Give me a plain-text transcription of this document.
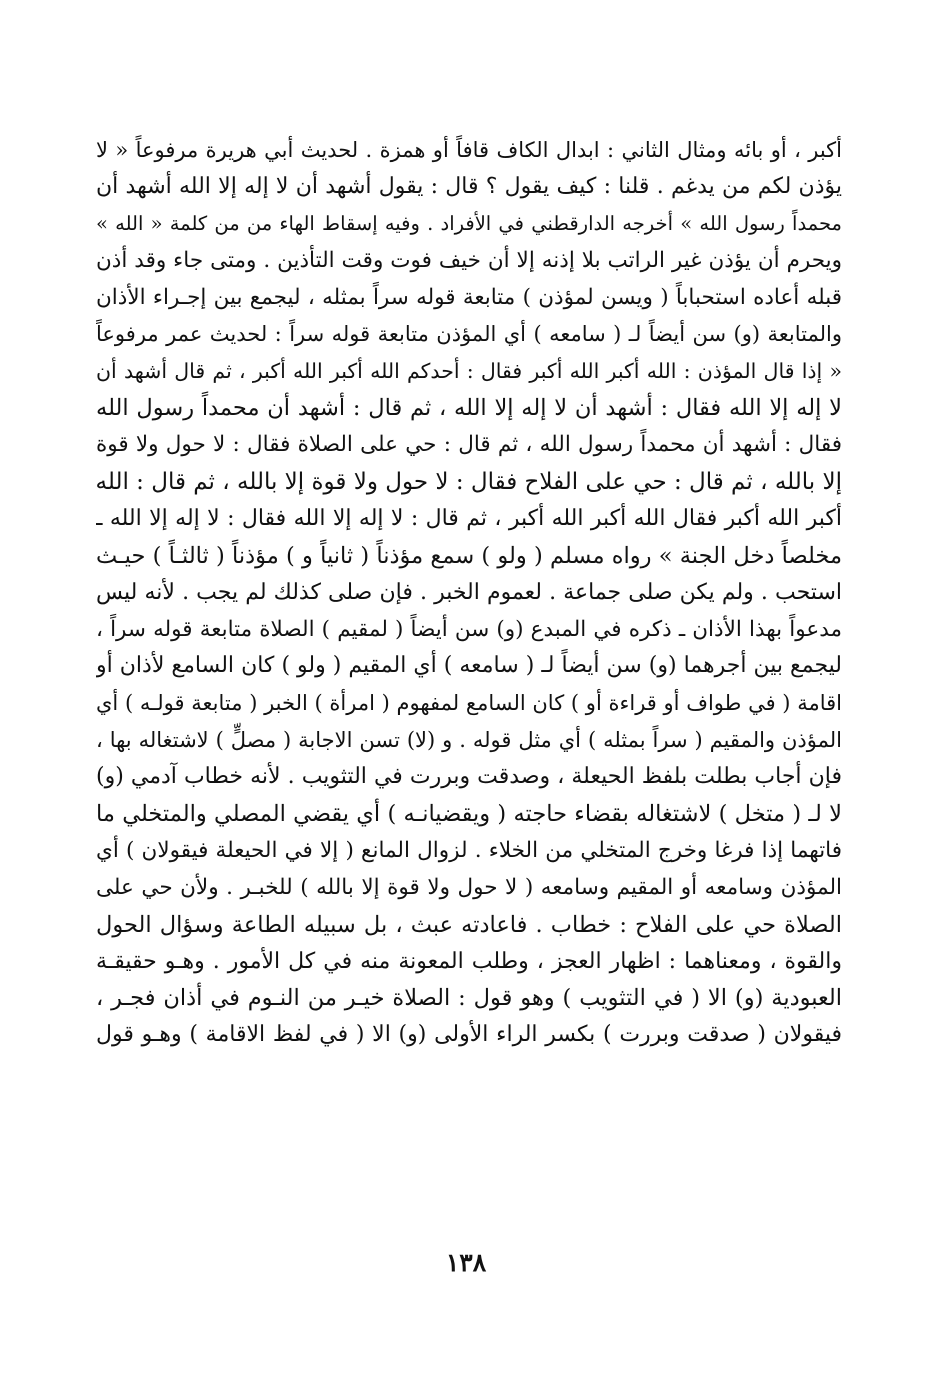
أكبر ، أو بائه ومثال الثاني : ابدال الكاف قافاً أو همزة . لحديث أبي هريرة مرفوعاً « لا
يؤذن لكم من يدغم . قلنا : كيف يقول ؟ قال : يقول أشهد أن لا إله إلا الله أشهد أن
محمداً رسول الله » أخرجه الدارقطني في الأفراد . وفيه إسقاط الهاء من من كلمة « الله »
ويحرم أن يؤذن غير الراتب بلا إذنه إلا أن خيف فوت وقت التأذين . ومتى جاء وقد أذن
قبله أعاده استحباباً ( ويسن لمؤذن ) متابعة قوله سراً بمثله ، ليجمع بين إجـراء الأذان
والمتابعة (و) سن أيضاً لـ ( سامعه ) أي المؤذن متابعة قوله سراً : لحديث عمر مرفوعاً
« إذا قال المؤذن : الله أكبر الله أكبر فقال : أحدكم الله أكبر الله أكبر ، ثم قال أشهد أن
لا إله إلا الله فقال : أشهد أن لا إله إلا الله ، ثم قال : أشهد أن محمداً رسول الله
فقال : أشهد أن محمداً رسول الله ، ثم قال : حي على الصلاة فقال : لا حول ولا قوة
إلا بالله ، ثم قال : حي على الفلاح فقال : لا حول ولا قوة إلا بالله ، ثم قال : الله
أكبر الله أكبر فقال الله أكبر الله أكبر ، ثم قال : لا إله إلا الله فقال : لا إله إلا الله ـ
مخلصاً دخل الجنة » رواه مسلم ( ولو ) سمع مؤذناً ( ثانياً و ) مؤذناً ( ثالثـاً ) حيـث
استحب . ولم يكن صلى جماعة . لعموم الخبر . فإن صلى كذلك لم يجب . لأنه ليس
مدعواً بهذا الأذان ـ ذكره في المبدع (و) سن أيضاً ( لمقيم ) الصلاة متابعة قوله سراً ،
ليجمع بين أجرهما (و) سن أيضاً لـ ( سامعه ) أي المقيم ( ولو ) كان السامع لأذان أو
اقامة ( في طواف أو قراءة أو ) كان السامع لمفهوم ( امرأة ) الخبر ( متابعة قولـه ) أي
المؤذن والمقيم ( سراً بمثله ) أي مثل قوله . و (لا) تسن الاجابة ( مصلٍّ ) لاشتغاله بها ،
فإن أجاب بطلت بلفظ الحيعلة ، وصدقت وبررت في التثويب . لأنه خطاب آدمي (و)
لا لـ ( متخل ) لاشتغاله بقضاء حاجته ( ويقضيانـه ) أي يقضي المصلي والمتخلي ما
فاتهما إذا فرغا وخرج المتخلي من الخلاء . لزوال المانع ( إلا في الحيعلة فيقولان ) أي
المؤذن وسامعه أو المقيم وسامعه ( لا حول ولا قوة إلا بالله ) للخبـر . ولأن حي على
الصلاة حي على الفلاح : خطاب . فاعادته عبث ، بل سبيله الطاعة وسؤال الحول
والقوة ، ومعناهما : اظهار العجز ، وطلب المعونة منه في كل الأمور . وهـو حقيقـة
العبودية (و) الا ( في التثويب ) وهو قول : الصلاة خيـر من النـوم في أذان فجـر ،
فيقولان ( صدقت وبررت ) بكسر الراء الأولى (و) الا ( في لفظ الاقامة ) وهـو قول
١٣٨
